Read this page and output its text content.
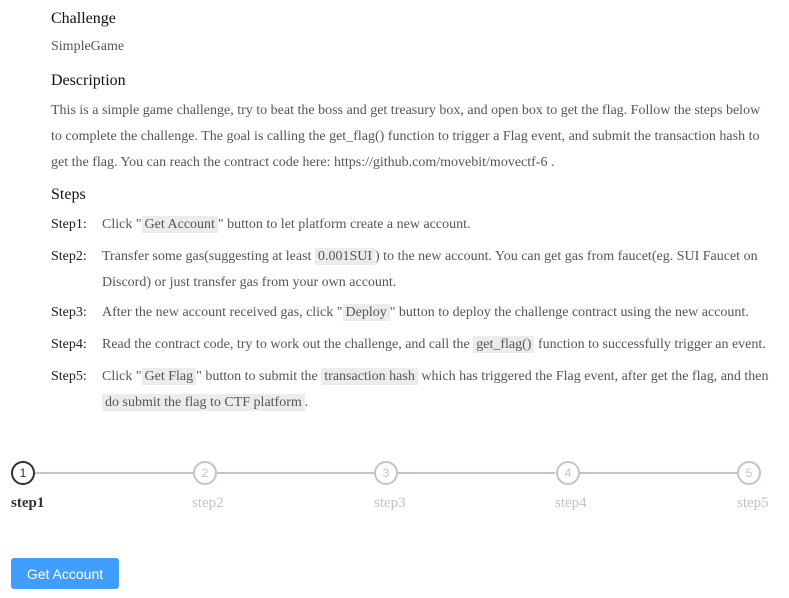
Challenge
SimpleGame
Description
This is a simple game challenge, try to beat the boss and get treasury box, and open box to get the flag. Follow the steps below to complete the challenge. The goal is calling the get_flag() function to trigger a Flag event, and submit the transaction hash to get the flag. You can reach the contract code here: https://github.com/movebit/movectf-6 .
Steps
Step1: Click " Get Account " button to let platform create a new account.
Step2: Transfer some gas(suggesting at least 0.001SUI ) to the new account. You can get gas from faucet(eg. SUI Faucet on Discord) or just transfer gas from your own account.
Step3: After the new account received gas, click " Deploy " button to deploy the challenge contract using the new account.
Step4: Read the contract code, try to work out the challenge, and call the get_flag() function to successfully trigger an event.
Step5: Click " Get Flag " button to submit the transaction hash which has triggered the Flag event, after get the flag, and then do submit the flag to CTF platform .
1	2	3	4	5
step1	step2	step3	step4	step5
Get Account
